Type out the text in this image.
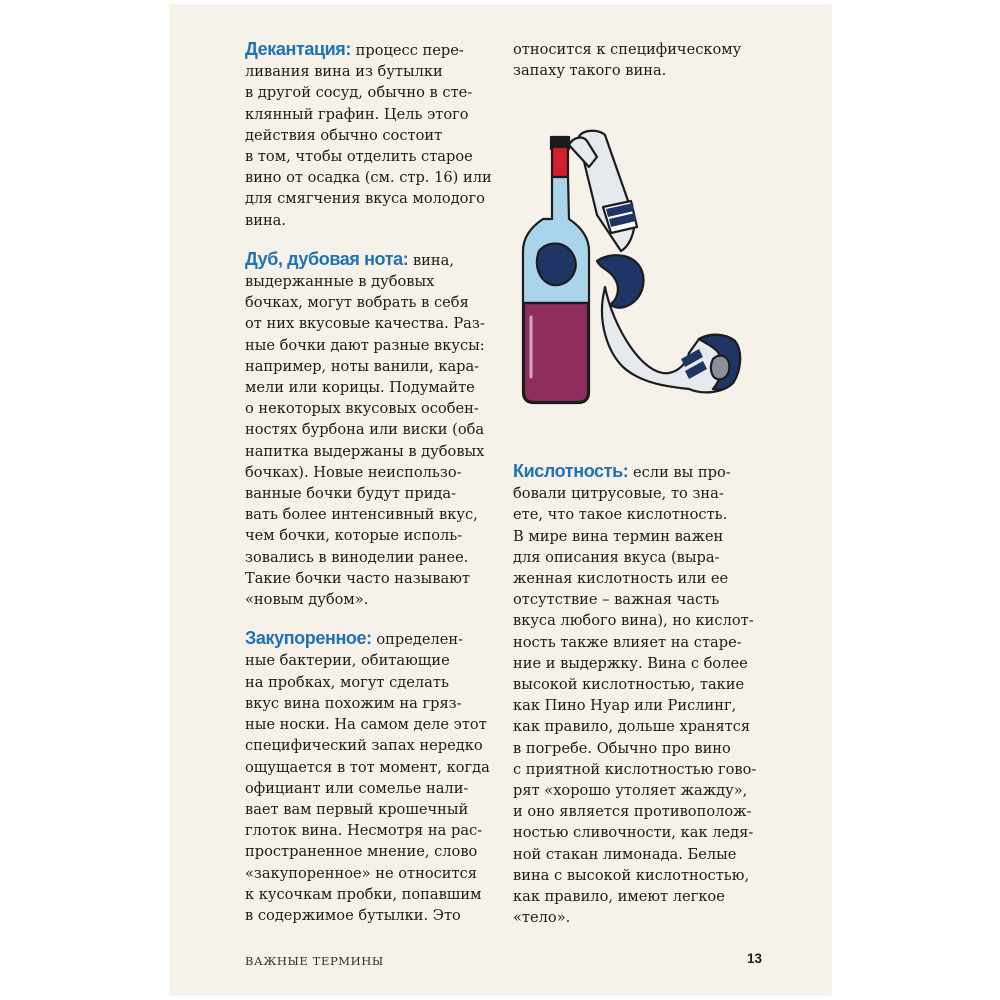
Декантация: процесс пере-
ливания вина из бутылки
в другой сосуд, обычно в сте-
клянный графин. Цель этого
действия обычно состоит
в том, чтобы отделить старое
вино от осадка (см. стр. 16) или
для смягчения вкуса молодого
вина.
Дуб, дубовая нота: вина,
выдержанные в дубовых
бочках, могут вобрать в себя
от них вкусовые качества. Раз-
ные бочки дают разные вкусы:
например, ноты ванили, кара-
мели или корицы. Подумайте
о некоторых вкусовых особен-
ностях бурбона или виски (оба
напитка выдержаны в дубовых
бочках). Новые неиспользо-
ванные бочки будут прида-
вать более интенсивный вкус,
чем бочки, которые исполь-
зовались в виноделии ранее.
Такие бочки часто называют
«новым дубом».
Закупоренное: определен-
ные бактерии, обитающие
на пробках, могут сделать
вкус вина похожим на гряз-
ные носки. На самом деле этот
специфический запах нередко
ощущается в тот момент, когда
официант или сомелье нали-
вает вам первый крошечный
глоток вина. Несмотря на рас-
пространенное мнение, слово
«закупоренное» не относится
к кусочкам пробки, попавшим
в содержимое бутылки. Это
относится к специфическому
запаху такого вина.
Кислотность: если вы про-
бовали цитрусовые, то зна-
ете, что такое кислотность.
В мире вина термин важен
для описания вкуса (выра-
женная кислотность или ее
отсутствие – важная часть
вкуса любого вина), но кислот-
ность также влияет на старе-
ние и выдержку. Вина с более
высокой кислотностью, такие
как Пино Нуар или Рислинг,
как правило, дольше хранятся
в погребе. Обычно про вино
с приятной кислотностью гово-
рят «хорошо утоляет жажду»,
и оно является противополож-
ностью сливочности, как ледя-
ной стакан лимонада. Белые
вина с высокой кислотностью,
как правило, имеют легкое
«тело».
ВАЖНЫЕ ТЕРМИНЫ	13
